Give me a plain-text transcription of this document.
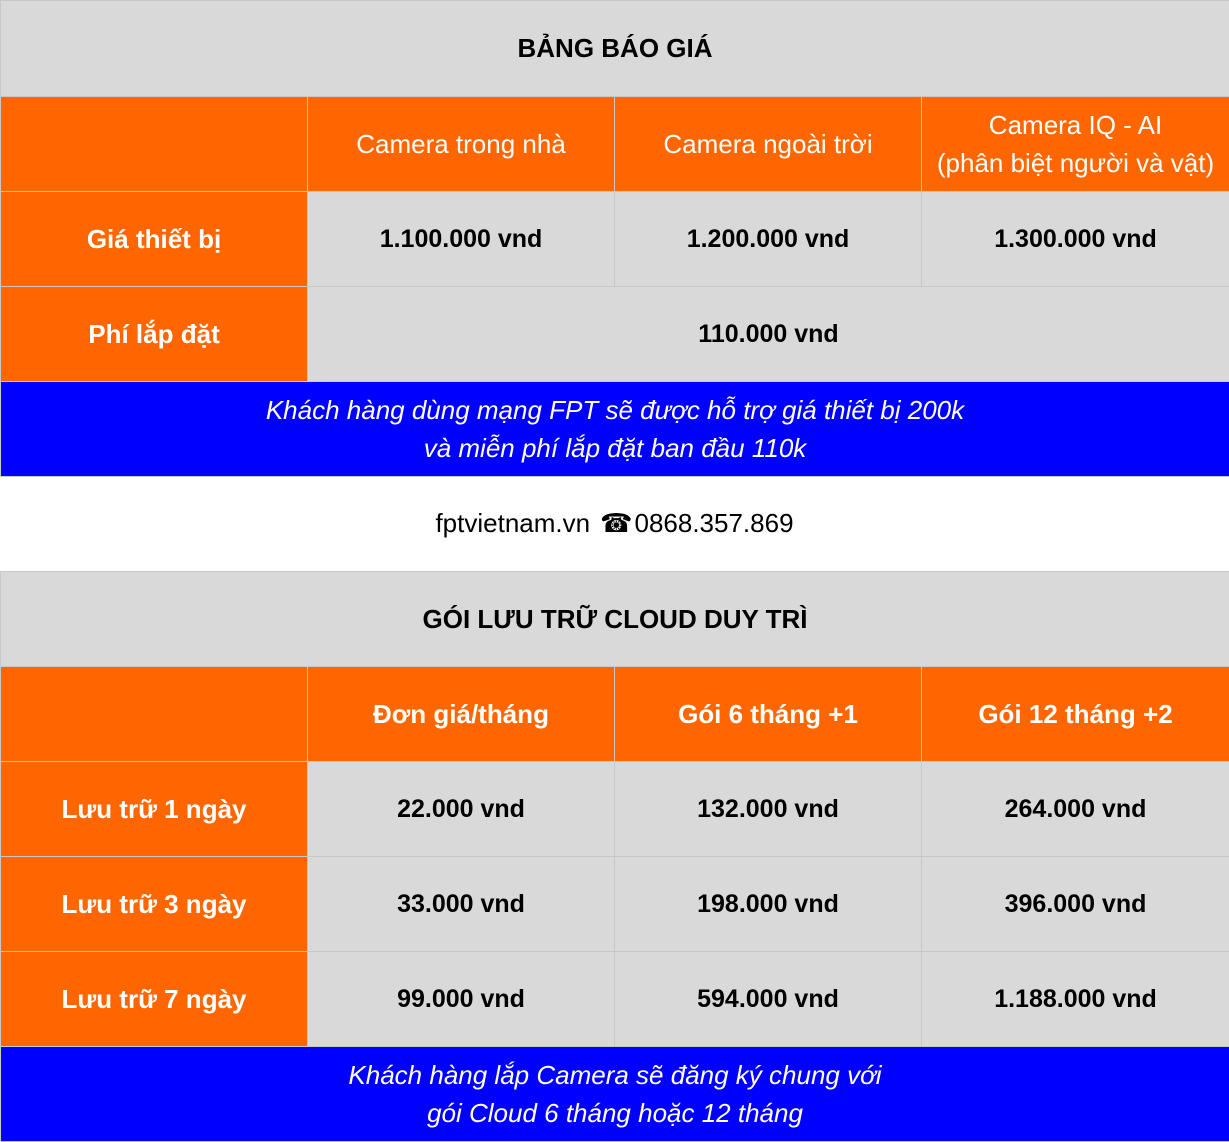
BẢNG BÁO GIÁ			
	Camera trong nhà	Camera ngoài trời	Camera IQ - AI
(phân biệt người và vật)

Giá thiết bị	1.100.000 vnd	1.200.000 vnd	1.300.000 vnd
Phí lắp đặt	110.000 vnd		

Khách hàng dùng mạng FPT sẽ được hỗ trợ giá thiết bị 200k
và miễn phí lắp đặt ban đầu 110k			
fptvietnam.vn ☎ 0868.357.869
GÓI LƯU TRỮ CLOUD DUY TRÌ			
	Đơn giá/tháng	Gói 6 tháng +1	Gói 12 tháng +2
Lưu trữ 1 ngày	22.000 vnd	132.000 vnd	264.000 vnd
Lưu trữ 3 ngày	33.000 vnd	198.000 vnd	396.000 vnd
Lưu trữ 7 ngày	99.000 vnd	594.000 vnd	1.188.000 vnd

Khách hàng lắp Camera sẽ đăng ký chung với
gói Cloud 6 tháng hoặc 12 tháng			
